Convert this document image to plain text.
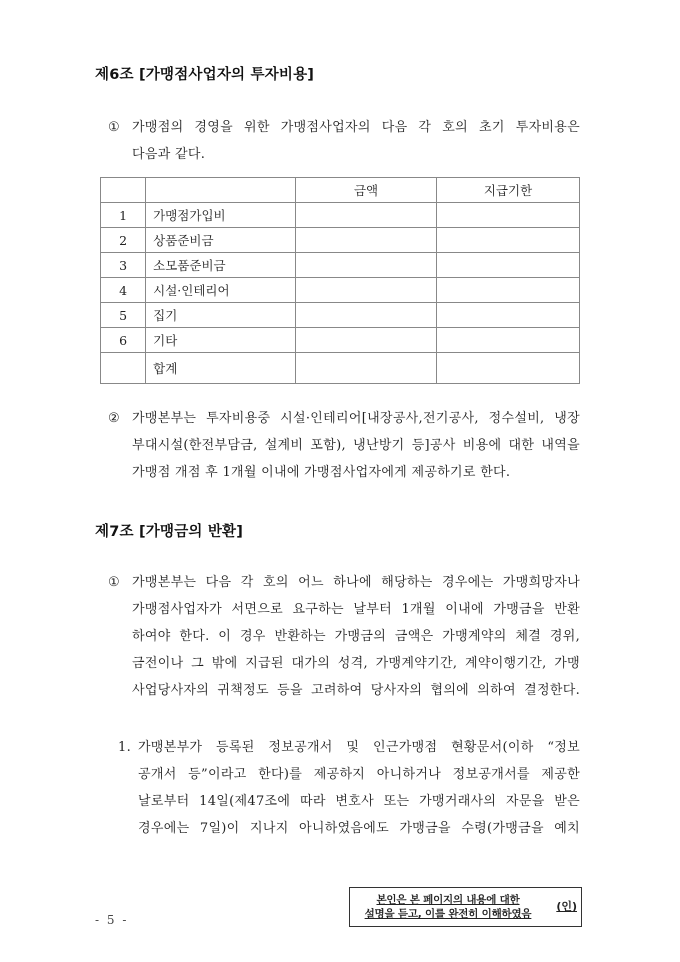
제6조 [가맹점사업자의 투자비용]
① 가맹점의 경영을 위한 가맹점사업자의 다음 각 호의 초기 투자비용은
다음과 같다.
		금액	지급기한
1	가맹점가입비		
2	상품준비금		
3	소모품준비금		
4	시설·인테리어		
5	집기		
6	기타		
	합계		
② 가맹본부는 투자비용중 시설·인테리어[내장공사,전기공사, 정수설비, 냉장
부대시설(한전부담금, 설계비 포함), 냉난방기 등]공사 비용에 대한 내역을
가맹점 개점 후 1개월 이내에 가맹점사업자에게 제공하기로 한다.
제7조 [가맹금의 반환]
① 가맹본부는 다음 각 호의 어느 하나에 해당하는 경우에는 가맹희망자나
가맹점사업자가 서면으로 요구하는 날부터 1개월 이내에 가맹금을 반환
하여야 한다. 이 경우 반환하는 가맹금의 금액은 가맹계약의 체결 경위,
금전이나 그 밖에 지급된 대가의 성격, 가맹계약기간, 계약이행기간, 가맹
사업당사자의 귀책정도 등을 고려하여 당사자의 협의에 의하여 결정한다.
1. 가맹본부가 등록된 정보공개서 및 인근가맹점 현황문서(이하 “정보
공개서 등”이라고 한다)를 제공하지 아니하거나 정보공개서를 제공한
날로부터 14일(제47조에 따라 변호사 또는 가맹거래사의 자문을 받은
경우에는 7일)이 지나지 아니하였음에도 가맹금을 수령(가맹금을 예치
본인은 본 페이지의 내용에 대한
설명을 듣고, 이를 완전히 이해하였음
(인)
- 5 -
